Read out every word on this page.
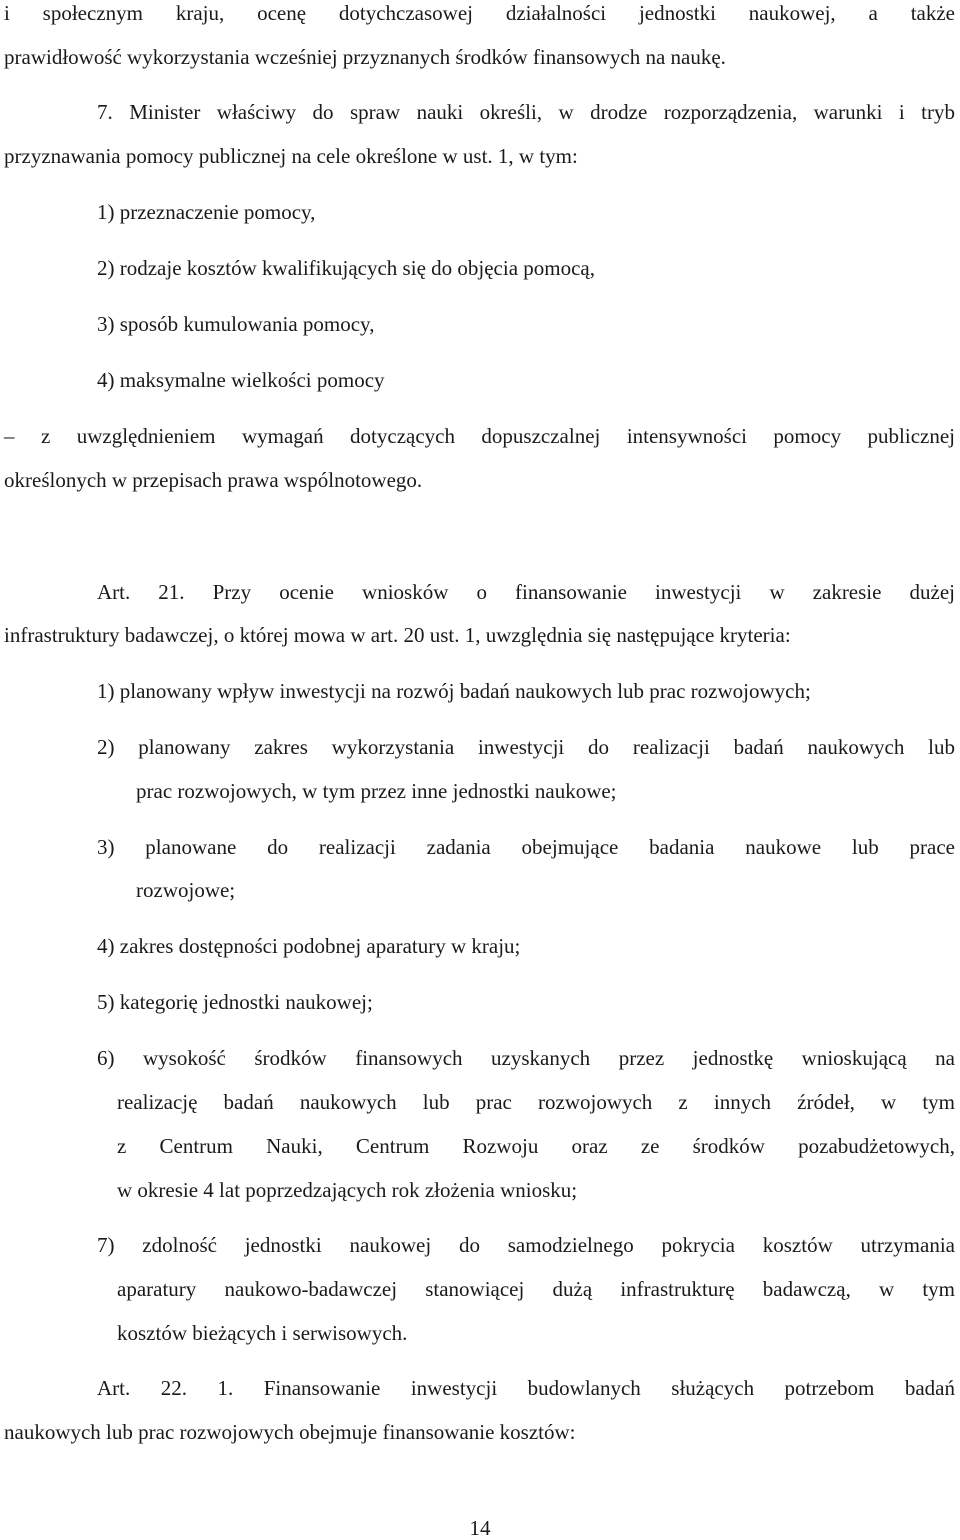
i społecznym kraju, ocenę dotychczasowej działalności jednostki naukowej, a także
prawidłowość wykorzystania wcześniej przyznanych środków finansowych na naukę.
7. Minister właściwy do spraw nauki określi, w drodze rozporządzenia, warunki i tryb
przyznawania pomocy publicznej na cele określone w ust. 1, w tym:
1) przeznaczenie pomocy,
2) rodzaje kosztów kwalifikujących się do objęcia pomocą,
3) sposób kumulowania pomocy,
4) maksymalne wielkości pomocy
– z uwzględnieniem wymagań dotyczących dopuszczalnej intensywności pomocy publicznej
określonych w przepisach prawa wspólnotowego.
Art. 21. Przy ocenie wniosków o finansowanie inwestycji w zakresie dużej
infrastruktury badawczej, o której mowa w art. 20 ust. 1, uwzględnia się następujące kryteria:
1) planowany wpływ inwestycji na rozwój badań naukowych lub prac rozwojowych;
2) planowany zakres wykorzystania inwestycji do realizacji badań naukowych lub
prac rozwojowych, w tym przez inne jednostki naukowe;
3) planowane do realizacji zadania obejmujące badania naukowe lub prace
rozwojowe;
4) zakres dostępności podobnej aparatury w kraju;
5) kategorię jednostki naukowej;
6) wysokość środków finansowych uzyskanych przez jednostkę wnioskującą na
realizację badań naukowych lub prac rozwojowych z innych źródeł, w tym
z Centrum Nauki, Centrum Rozwoju oraz ze środków pozabudżetowych,
w okresie 4 lat poprzedzających rok złożenia wniosku;
7) zdolność jednostki naukowej do samodzielnego pokrycia kosztów utrzymania
aparatury naukowo-badawczej stanowiącej dużą infrastrukturę badawczą, w tym
kosztów bieżących i serwisowych.
Art. 22. 1. Finansowanie inwestycji budowlanych służących potrzebom badań
naukowych lub prac rozwojowych obejmuje finansowanie kosztów:
14
